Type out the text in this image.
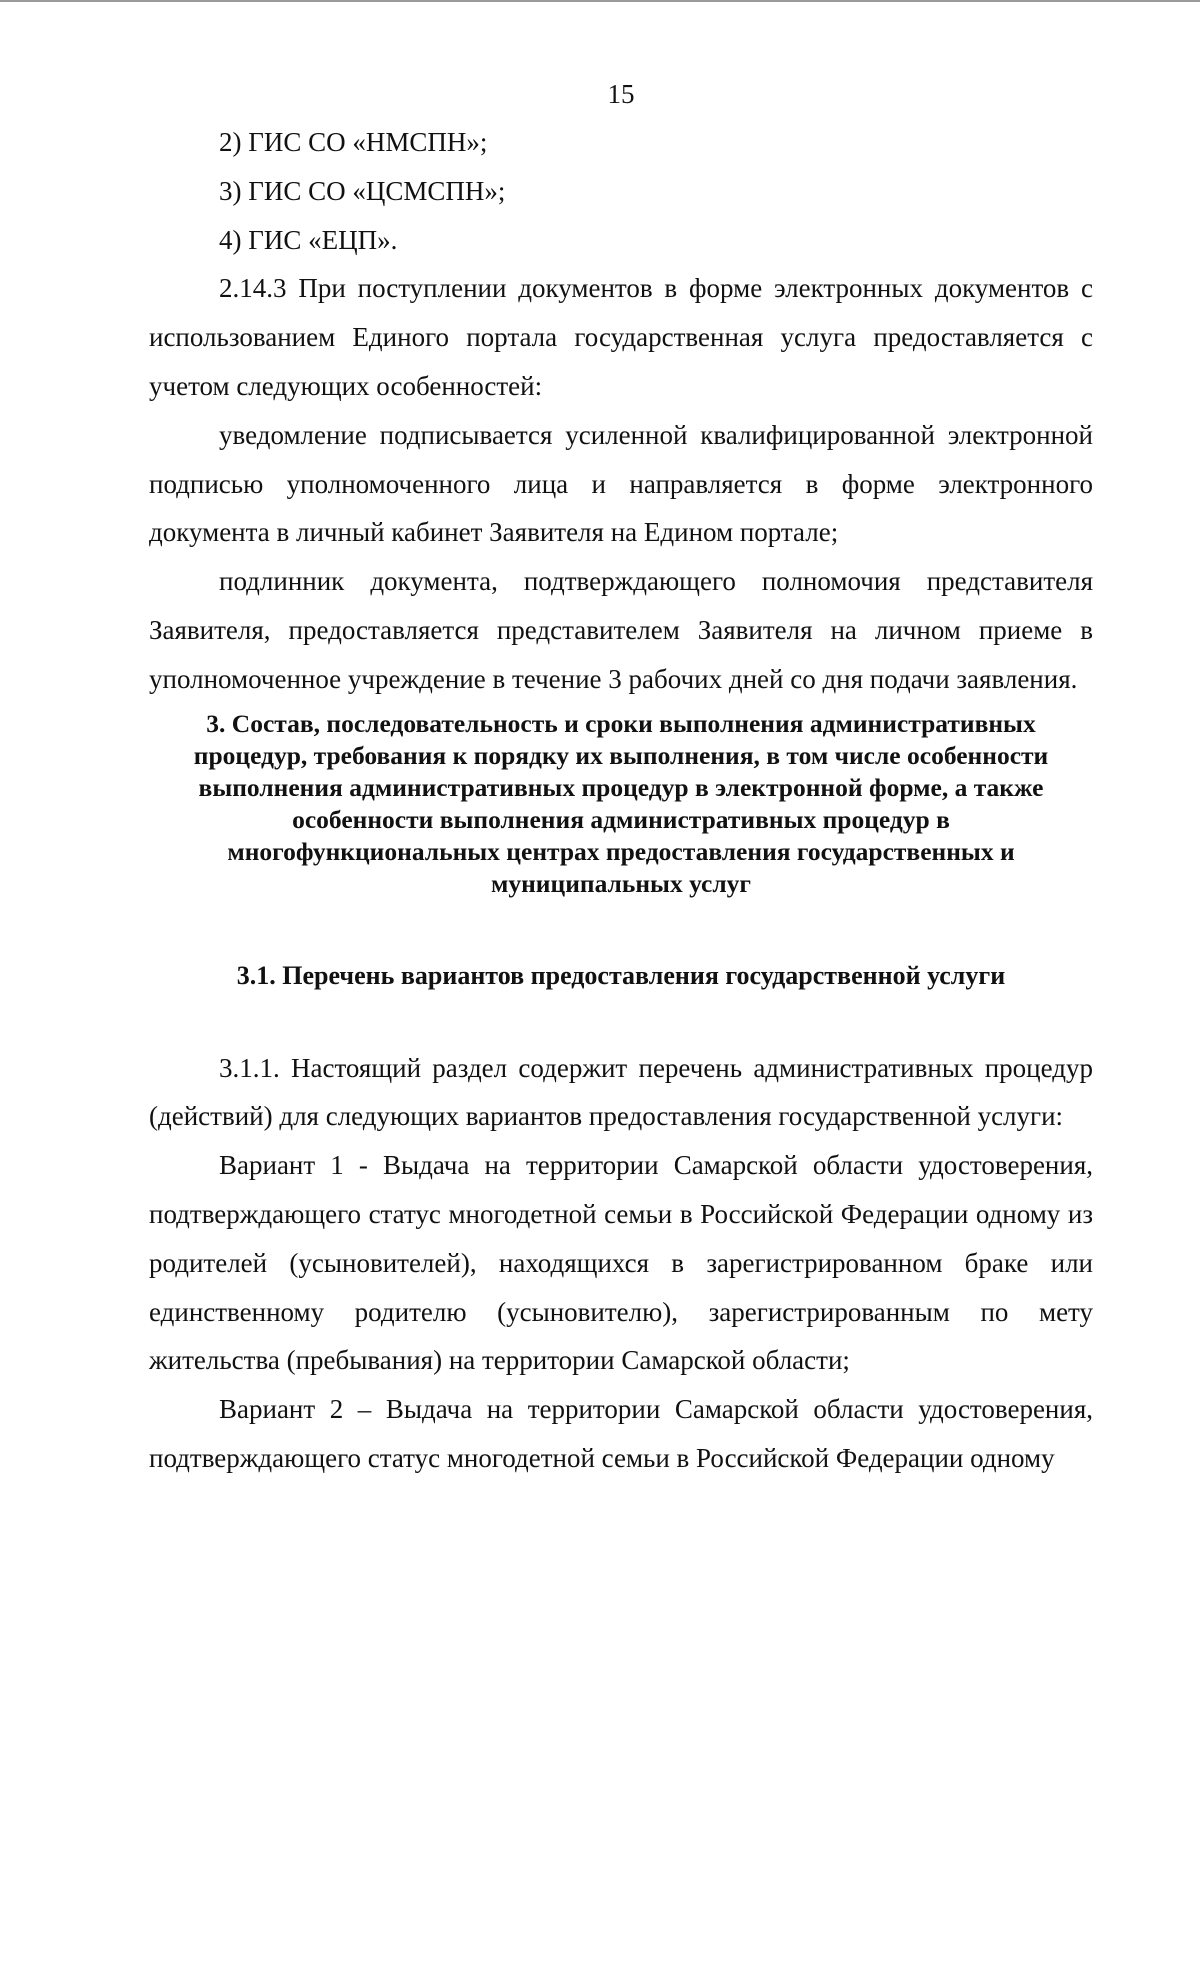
15

2) ГИС СО «НМСПН»;

3) ГИС СО «ЦСМСПН»;

4) ГИС «ЕЦП».

2.14.3 При поступлении документов в форме электронных документов с использованием Единого портала государственная услуга предоставляется с учетом следующих особенностей:

уведомление подписывается усиленной квалифицированной электронной подписью уполномоченного лица и направляется в форме электронного документа в личный кабинет Заявителя на Едином портале;

подлинник документа, подтверждающего полномочия представителя Заявителя, предоставляется представителем Заявителя на личном приеме в уполномоченное учреждение в течение 3 рабочих дней со дня подачи заявления.

3. Состав, последовательность и сроки выполнения административных
процедур, требования к порядку их выполнения, в том числе особенности
выполнения административных процедур в электронной форме, а также
особенности выполнения административных процедур в
многофункциональных центрах предоставления государственных и
муниципальных услуг
3.1. Перечень вариантов предоставления государственной услуги

3.1.1. Настоящий раздел содержит перечень административных процедур (действий) для следующих вариантов предоставления государственной услуги:

Вариант 1 - Выдача на территории Самарской области удостоверения, подтверждающего статус многодетной семьи в Российской Федерации одному из родителей (усыновителей), находящихся в зарегистрированном браке или единственному родителю (усыновителю), зарегистрированным по мету жительства (пребывания) на территории Самарской области;

Вариант 2 – Выдача на территории Самарской области удостоверения, подтверждающего статус многодетной семьи в Российской Федерации одному
